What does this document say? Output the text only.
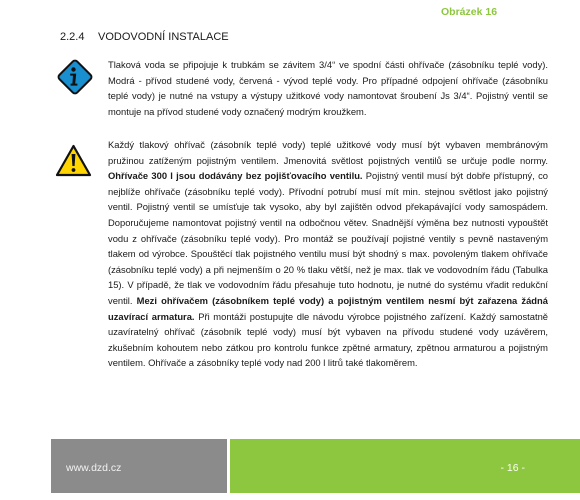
Obrázek 16
2.2.4 VODOVODNÍ INSTALACE
Tlaková voda se připojuje k trubkám se závitem 3/4“ ve spodní části ohřívače (zásobníku teplé vody). Modrá - přívod studené vody, červená - vývod teplé vody. Pro případné odpojení ohřívače (zásobníku teplé vody) je nutné na vstupy a výstupy užitkové vody namontovat šroubení Js 3/4“. Pojistný ventil se montuje na přívod studené vody označený modrým kroužkem.
Každý tlakový ohřívač (zásobník teplé vody) teplé užitkové vody musí být vybaven membránovým pružinou zatíženým pojistným ventilem. Jmenovitá světlost pojistných ventilů se určuje podle normy. Ohřívače 300 l jsou dodávány bez pojišťovacího ventilu. Pojistný ventil musí být dobře přístupný, co nejblíže ohřívače (zásobníku teplé vody). Přívodní potrubí musí mít min. stejnou světlost jako pojistný ventil. Pojistný ventil se umísťuje tak vysoko, aby byl zajištěn odvod překapávající vody samospádem. Doporučujeme namontovat pojistný ventil na odbočnou větev. Snadnější výměna bez nutnosti vypouštět vodu z ohřívače (zásobníku teplé vody). Pro montáž se používají pojistné ventily s pevně nastaveným tlakem od výrobce. Spouštěcí tlak pojistného ventilu musí být shodný s max. povoleným tlakem ohřívače (zásobníku teplé vody) a při nejmenším o 20 % tlaku větší, než je max. tlak ve vodovodním řádu (Tabulka 15). V případě, že tlak ve vodovodním řádu přesahuje tuto hodnotu, je nutné do systému vřadit redukční ventil. Mezi ohřívačem (zásobníkem teplé vody) a pojistným ventilem nesmí být zařazena žádná uzavírací armatura. Při montáži postupujte dle návodu výrobce pojistného zařízení. Každý samostatně uzavíratelný ohřívač (zásobník teplé vody) musí být vybaven na přívodu studené vody uzávěrem, zkušebním kohoutem nebo zátkou pro kontrolu funkce zpětné armatury, zpětnou armaturou a pojistným ventilem. Ohřívače a zásobníky teplé vody nad 200 l litrů také tlakoměrem.
www.dzd.cz	- 16 -
